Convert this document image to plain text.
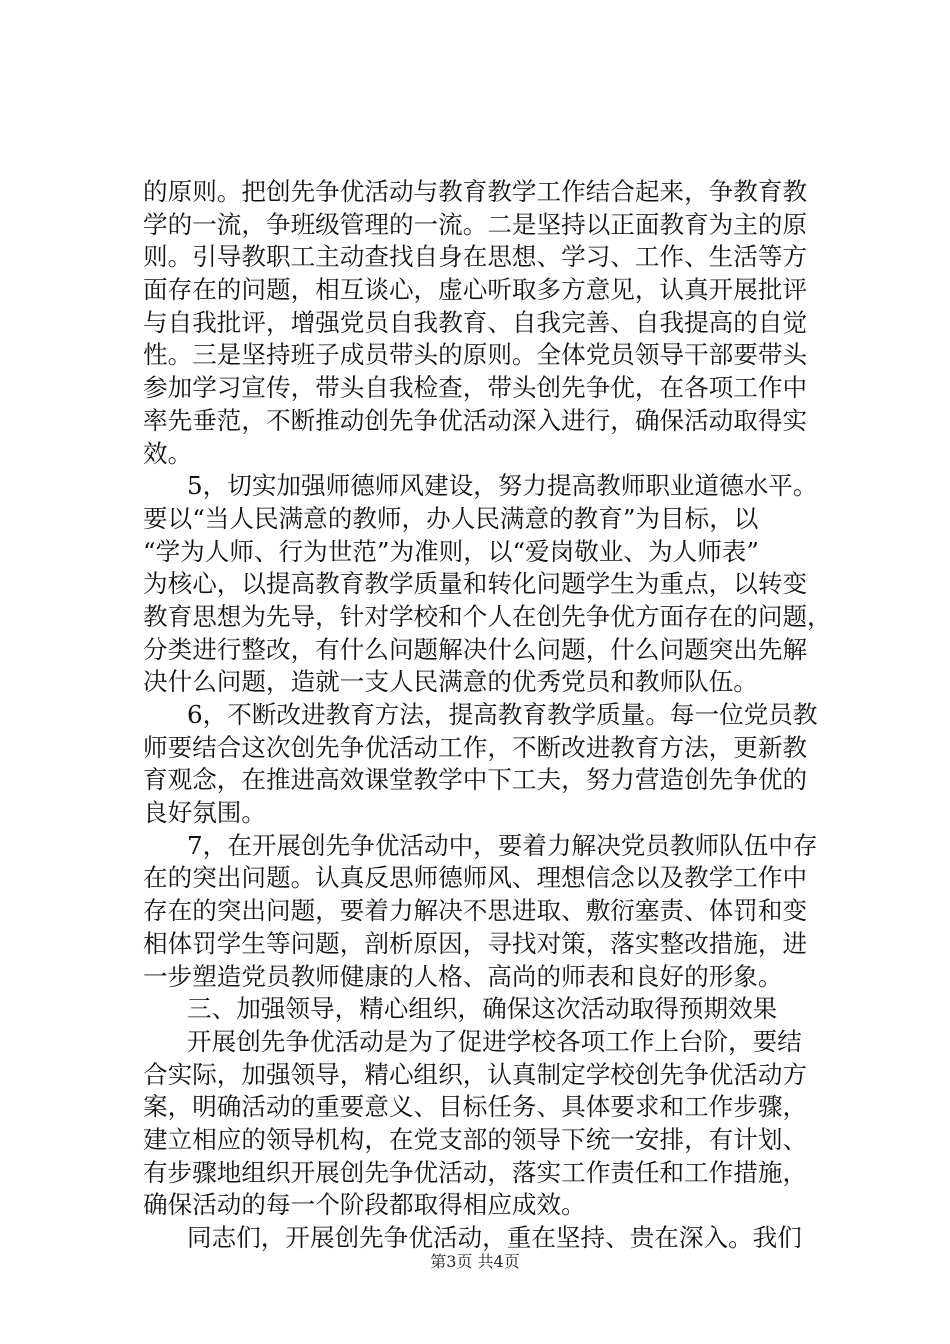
的原则。把创先争优活动与教育教学工作结合起来，争教育教
学的一流，争班级管理的一流。二是坚持以正面教育为主的原
则。引导教职工主动查找自身在思想、学习、工作、生活等方
面存在的问题，相互谈心，虚心听取多方意见，认真开展批评
与自我批评，增强党员自我教育、自我完善、自我提高的自觉
性。三是坚持班子成员带头的原则。全体党员领导干部要带头
参加学习宣传，带头自我检查，带头创先争优，在各项工作中
率先垂范，不断推动创先争优活动深入进行，确保活动取得实
效。
5，切实加强师德师风建设，努力提高教师职业道德水平。
要以“当人民满意的教师，办人民满意的教育”为目标，以
“学为人师、行为世范”为准则，以“爱岗敬业、为人师表”
为核心，以提高教育教学质量和转化问题学生为重点，以转变
教育思想为先导，针对学校和个人在创先争优方面存在的问题，
分类进行整改，有什么问题解决什么问题，什么问题突出先解
决什么问题，造就一支人民满意的优秀党员和教师队伍。
6，不断改进教育方法，提高教育教学质量。每一位党员教
师要结合这次创先争优活动工作，不断改进教育方法，更新教
育观念，在推进高效课堂教学中下工夫，努力营造创先争优的
良好氛围。
7，在开展创先争优活动中，要着力解决党员教师队伍中存
在的突出问题。认真反思师德师风、理想信念以及教学工作中
存在的突出问题，要着力解决不思进取、敷衍塞责、体罚和变
相体罚学生等问题，剖析原因，寻找对策，落实整改措施，进
一步塑造党员教师健康的人格、高尚的师表和良好的形象。
三、加强领导，精心组织，确保这次活动取得预期效果
开展创先争优活动是为了促进学校各项工作上台阶，要结
合实际，加强领导，精心组织，认真制定学校创先争优活动方
案，明确活动的重要意义、目标任务、具体要求和工作步骤，
建立相应的领导机构，在党支部的领导下统一安排，有计划、
有步骤地组织开展创先争优活动，落实工作责任和工作措施，
确保活动的每一个阶段都取得相应成效。
同志们，开展创先争优活动，重在坚持、贵在深入。我们
第3页 共4页
